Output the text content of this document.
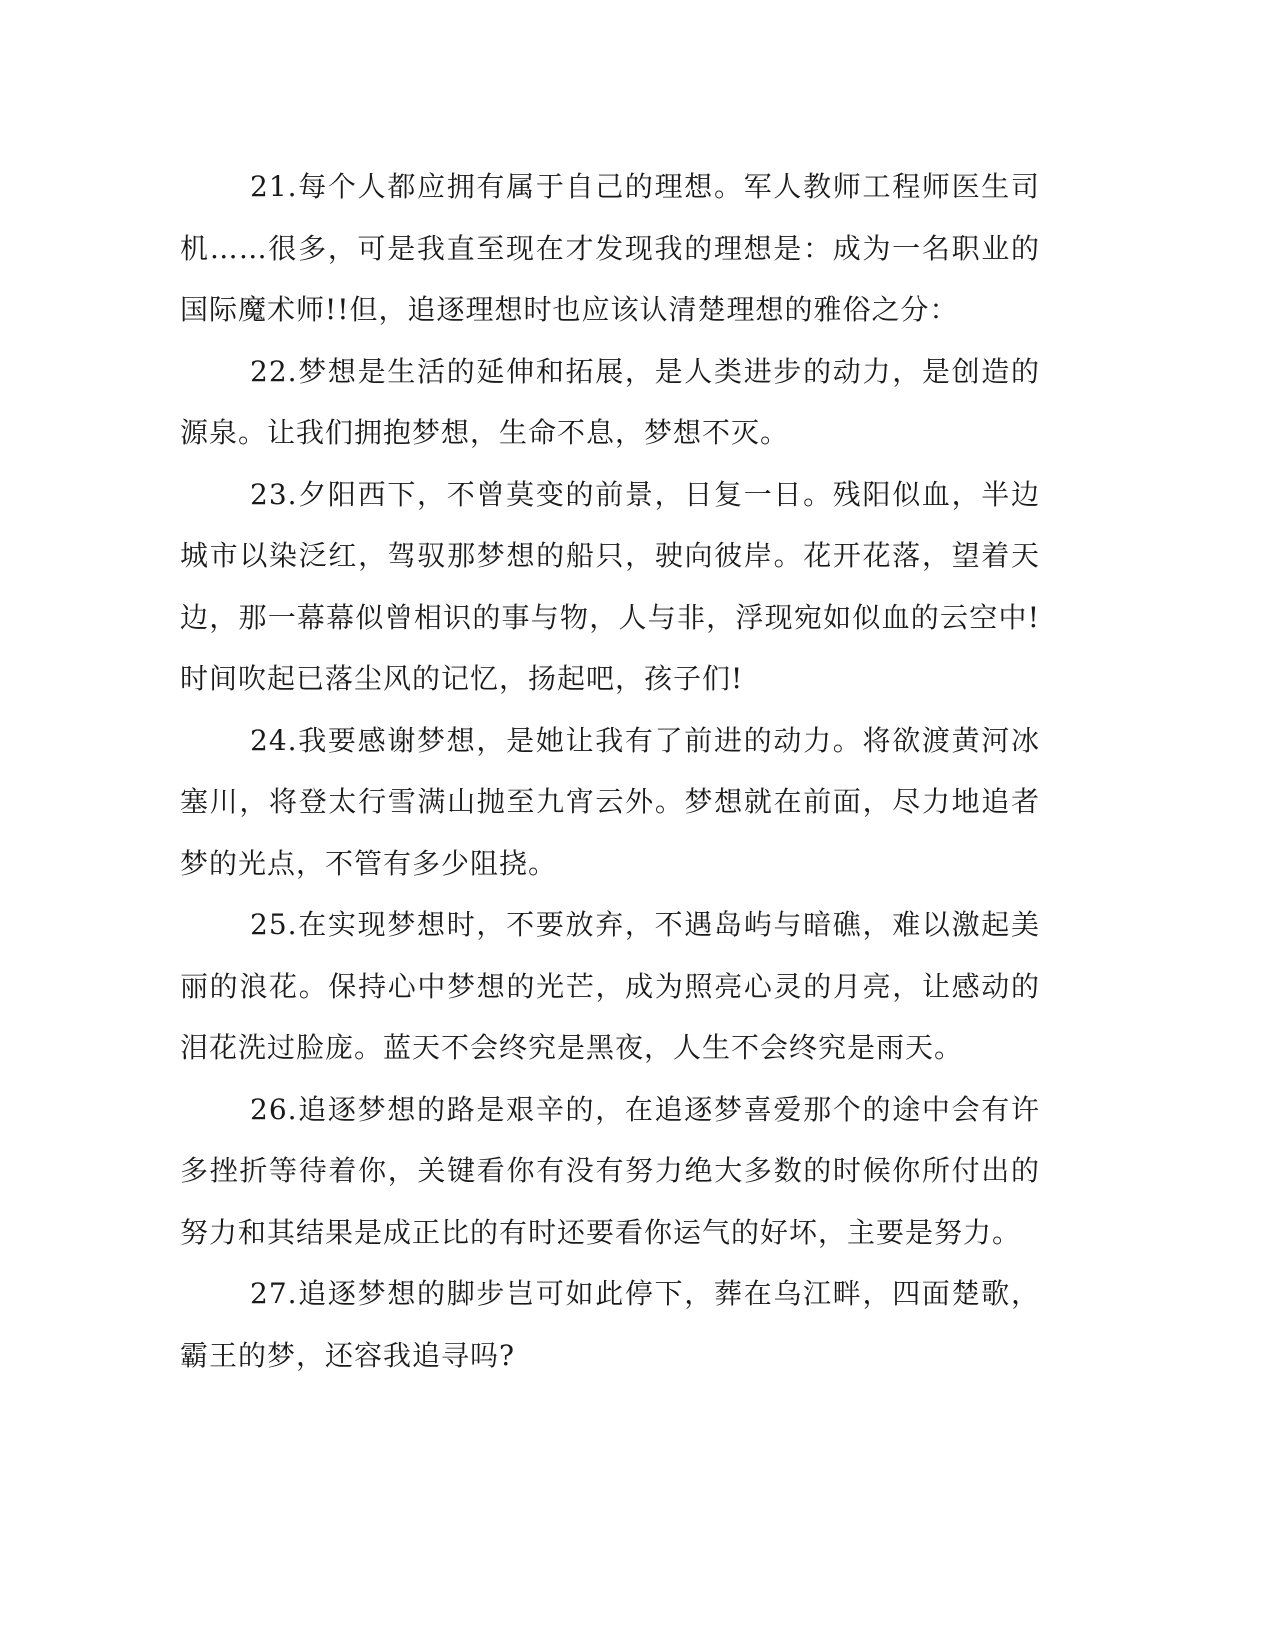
21.每个人都应拥有属于自己的理想。军人教师工程师医生司机……很多，可是我直至现在才发现我的理想是：成为一名职业的国际魔术师!!但，追逐理想时也应该认清楚理想的雅俗之分：

22.梦想是生活的延伸和拓展，是人类进步的动力，是创造的源泉。让我们拥抱梦想，生命不息，梦想不灭。

23.夕阳西下，不曾莫变的前景，日复一日。残阳似血，半边城市以染泛红，驾驭那梦想的船只，驶向彼岸。花开花落，望着天边，那一幕幕似曾相识的事与物，人与非，浮现宛如似血的云空中!时间吹起已落尘风的记忆，扬起吧，孩子们!

24.我要感谢梦想，是她让我有了前进的动力。将欲渡黄河冰塞川，将登太行雪满山抛至九宵云外。梦想就在前面，尽力地追者梦的光点，不管有多少阻挠。

25.在实现梦想时，不要放弃，不遇岛屿与暗礁，难以激起美丽的浪花。保持心中梦想的光芒，成为照亮心灵的月亮，让感动的泪花洗过脸庞。蓝天不会终究是黑夜，人生不会终究是雨天。

26.追逐梦想的路是艰辛的，在追逐梦喜爱那个的途中会有许多挫折等待着你，关键看你有没有努力绝大多数的时候你所付出的努力和其结果是成正比的有时还要看你运气的好坏，主要是努力。

27.追逐梦想的脚步岂可如此停下，葬在乌江畔，四面楚歌，霸王的梦，还容我追寻吗?
